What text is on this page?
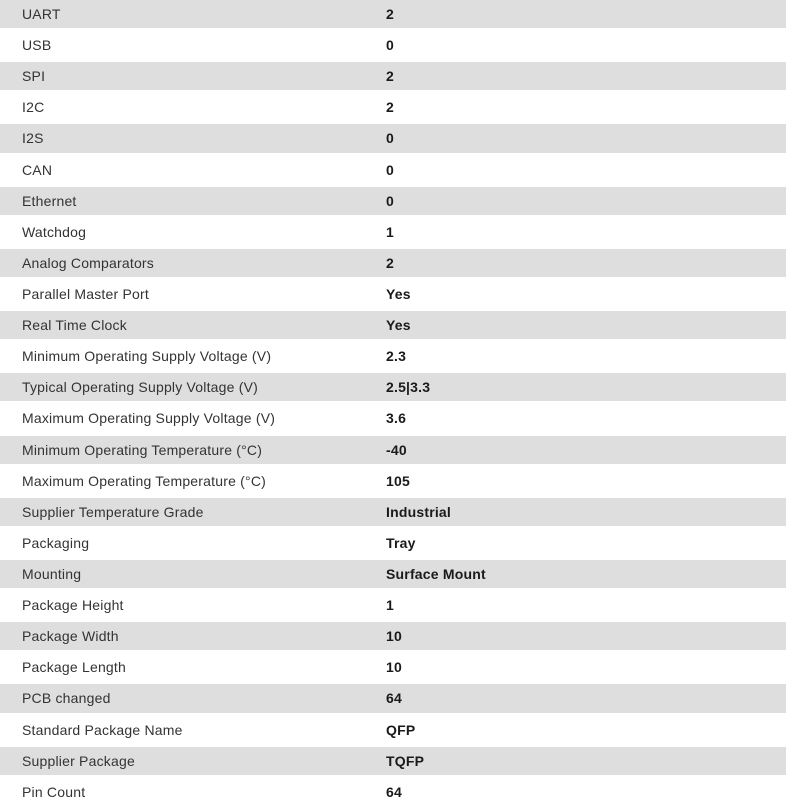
UART	2
USB	0
SPI	2
I2C	2
I2S	0
CAN	0
Ethernet	0
Watchdog	1
Analog Comparators	2
Parallel Master Port	Yes
Real Time Clock	Yes
Minimum Operating Supply Voltage (V)	2.3
Typical Operating Supply Voltage (V)	2.5|3.3
Maximum Operating Supply Voltage (V)	3.6
Minimum Operating Temperature (°C)	-40
Maximum Operating Temperature (°C)	105
Supplier Temperature Grade	Industrial
Packaging	Tray
Mounting	Surface Mount
Package Height	1
Package Width	10
Package Length	10
PCB changed	64
Standard Package Name	QFP
Supplier Package	TQFP
Pin Count	64
